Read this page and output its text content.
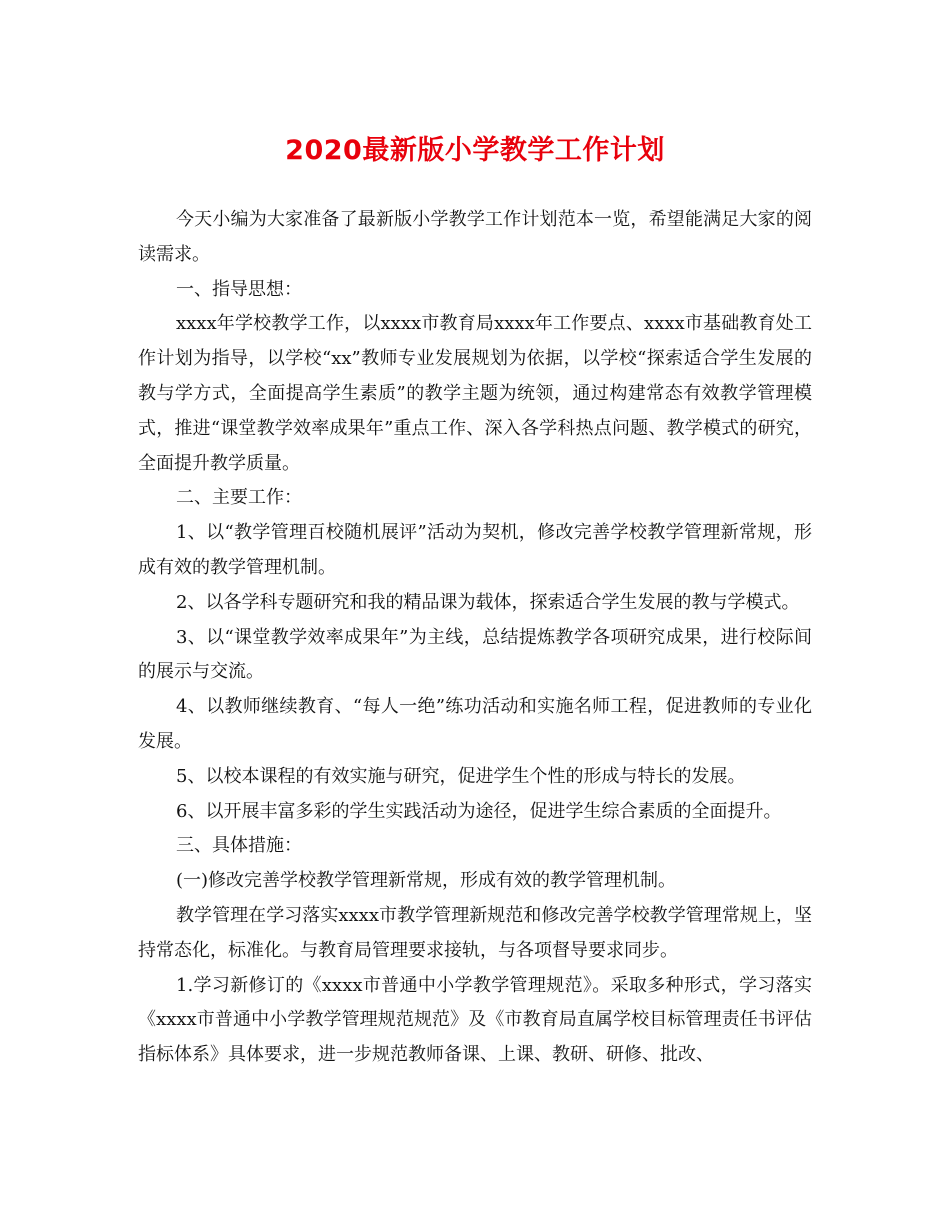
2020最新版小学教学工作计划

今天小编为大家准备了最新版小学教学工作计划范本一览，希望能满足大家的阅读需求。

一、指导思想：

xxxx年学校教学工作，以xxxx市教育局xxxx年工作要点、xxxx市基础教育处工作计划为指导，以学校“xx”教师专业发展规划为依据，以学校“探索适合学生发展的教与学方式，全面提高学生素质”的教学主题为统领，通过构建常态有效教学管理模式，推进“课堂教学效率成果年”重点工作、深入各学科热点问题、教学模式的研究，全面提升教学质量。

二、主要工作：

1、以“教学管理百校随机展评”活动为契机，修改完善学校教学管理新常规，形成有效的教学管理机制。

2、以各学科专题研究和我的精品课为载体，探索适合学生发展的教与学模式。

3、以“课堂教学效率成果年”为主线，总结提炼教学各项研究成果，进行校际间的展示与交流。

4、以教师继续教育、“每人一绝”练功活动和实施名师工程，促进教师的专业化发展。

5、以校本课程的有效实施与研究，促进学生个性的形成与特长的发展。

6、以开展丰富多彩的学生实践活动为途径，促进学生综合素质的全面提升。

三、具体措施：

(一)修改完善学校教学管理新常规，形成有效的教学管理机制。

教学管理在学习落实xxxx市教学管理新规范和修改完善学校教学管理常规上，坚持常态化，标准化。与教育局管理要求接轨，与各项督导要求同步。

1.学习新修订的《xxxx市普通中小学教学管理规范》。采取多种形式，学习落实《xxxx市普通中小学教学管理规范规范》及《市教育局直属学校目标管理责任书评估指标体系》具体要求，进一步规范教师备课、上课、教研、研修、批改、
